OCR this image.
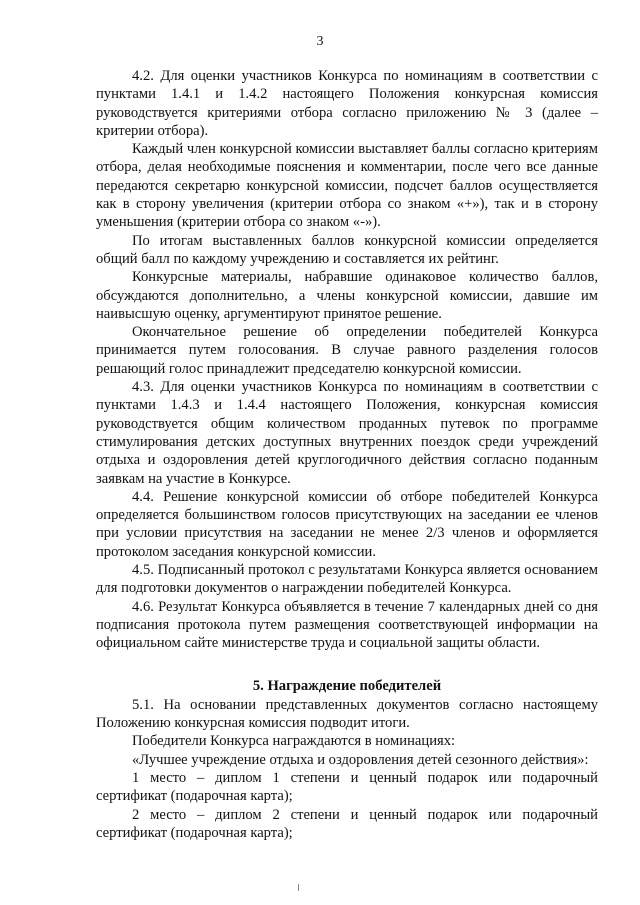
3

4.2. Для оценки участников Конкурса по номинациям в соответствии с пунктами 1.4.1 и 1.4.2 настоящего Положения конкурсная комиссия руководствуется критериями отбора согласно приложению № 3 (далее – критерии отбора).

Каждый член конкурсной комиссии выставляет баллы согласно критериям отбора, делая необходимые пояснения и комментарии, после чего все данные передаются секретарю конкурсной комиссии, подсчет баллов осуществляется как в сторону увеличения (критерии отбора со знаком «+»), так и в сторону уменьшения (критерии отбора со знаком «-»).

По итогам выставленных баллов конкурсной комиссии определяется общий балл по каждому учреждению и составляется их рейтинг.

Конкурсные материалы, набравшие одинаковое количество баллов, обсуждаются дополнительно, а члены конкурсной комиссии, давшие им наивысшую оценку, аргументируют принятое решение.

Окончательное решение об определении победителей Конкурса принимается путем голосования. В случае равного разделения голосов решающий голос принадлежит председателю конкурсной комиссии.

4.3. Для оценки участников Конкурса по номинациям в соответствии с пунктами 1.4.3 и 1.4.4 настоящего Положения, конкурсная комиссия руководствуется общим количеством проданных путевок по программе стимулирования детских доступных внутренних поездок среди учреждений отдыха и оздоровления детей круглогодичного действия согласно поданным заявкам на участие в Конкурсе.

4.4. Решение конкурсной комиссии об отборе победителей Конкурса определяется большинством голосов присутствующих на заседании ее членов при условии присутствия на заседании не менее 2/3 членов и оформляется протоколом заседания конкурсной комиссии.

4.5. Подписанный протокол с результатами Конкурса является основанием для подготовки документов о награждении победителей Конкурса.

4.6. Результат Конкурса объявляется в течение 7 календарных дней со дня подписания протокола путем размещения соответствующей информации на официальном сайте министерстве труда и социальной защиты области.

5. Награждение победителей

5.1. На основании представленных документов согласно настоящему Положению конкурсная комиссия подводит итоги.

Победители Конкурса награждаются в номинациях:

«Лучшее учреждение отдыха и оздоровления детей сезонного действия»:

1 место – диплом 1 степени и ценный подарок или подарочный сертификат (подарочная карта);

2 место – диплом 2 степени и ценный подарок или подарочный сертификат (подарочная карта);
